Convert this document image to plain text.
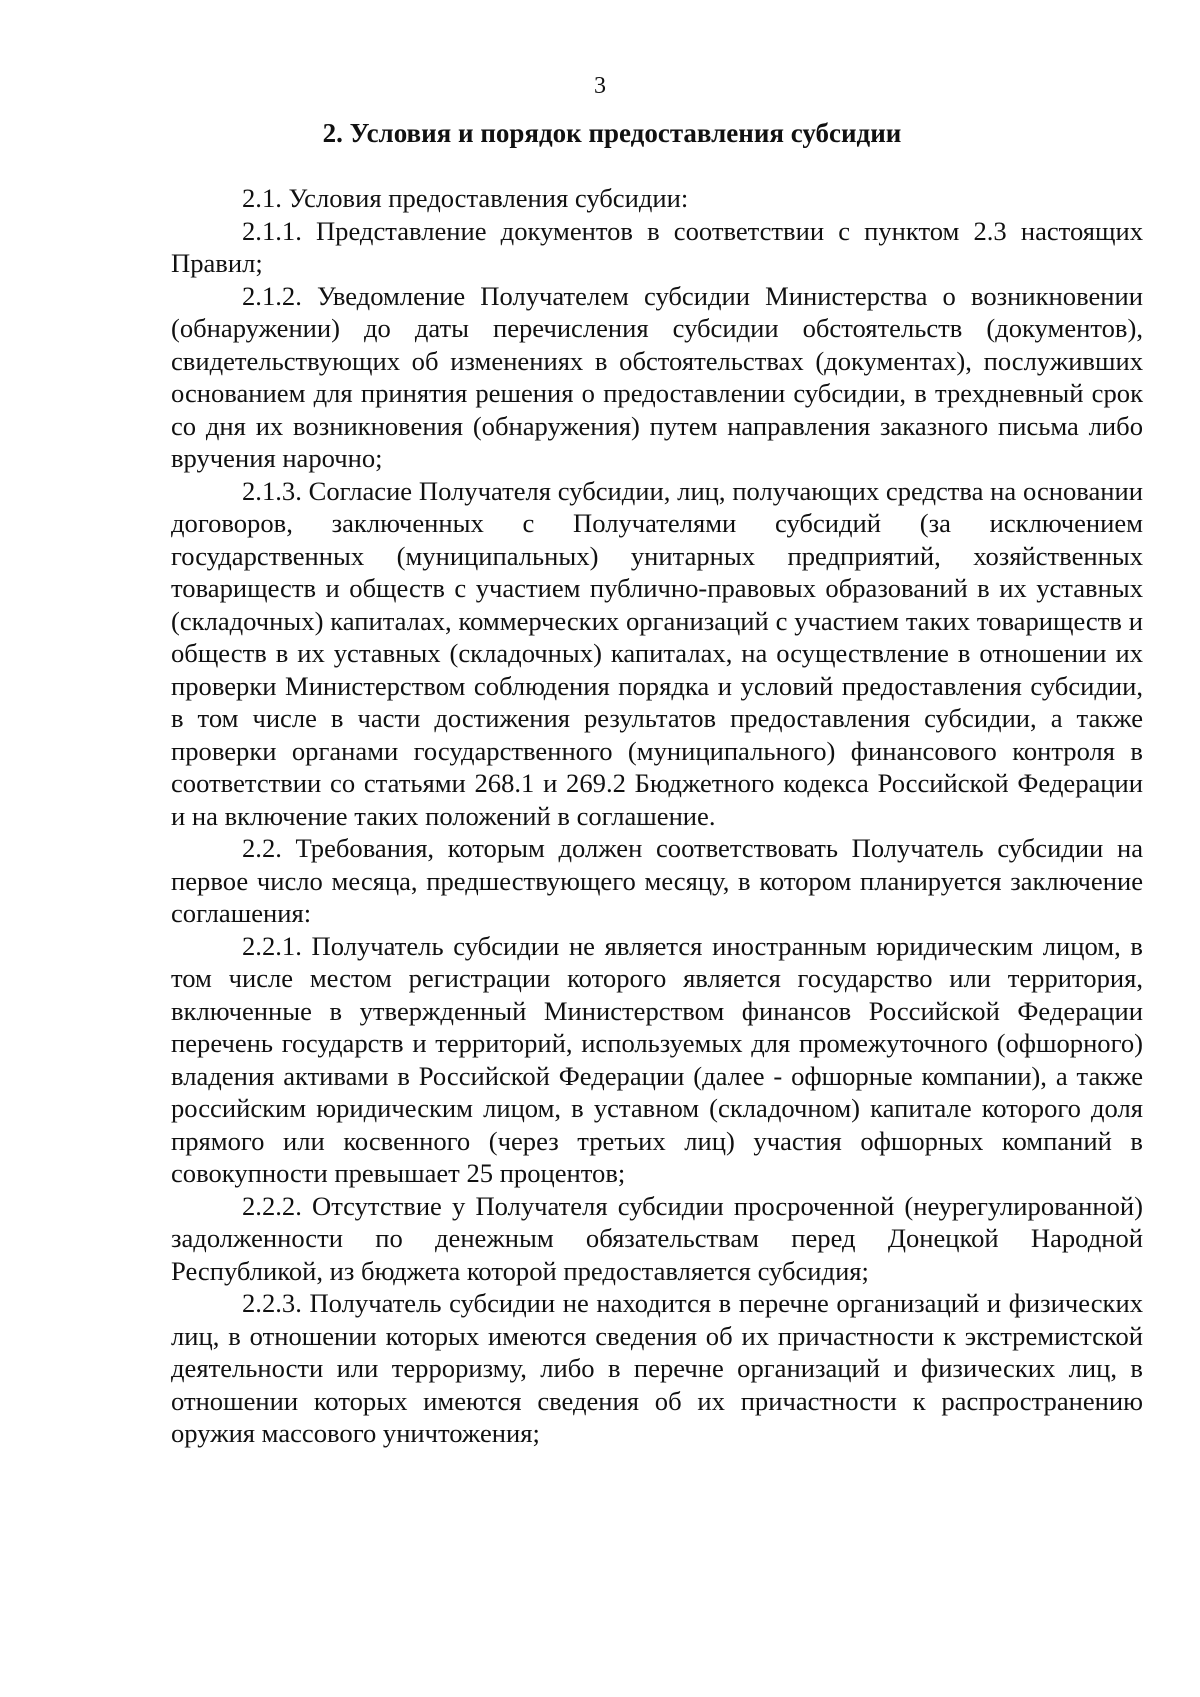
3
2. Условия и порядок предоставления субсидии

2.1. Условия предоставления субсидии:

2.1.1. Представление документов в соответствии с пунктом 2.3 настоящих Правил;

2.1.2. Уведомление Получателем субсидии Министерства о возникновении (обнаружении) до даты перечисления субсидии обстоятельств (документов), свидетельствующих об изменениях в обстоятельствах (документах), послуживших основанием для принятия решения о предоставлении субсидии, в трехдневный срок со дня их возникновения (обнаружения) путем направления заказного письма либо вручения нарочно;

2.1.3. Согласие Получателя субсидии, лиц, получающих средства на основании договоров, заключенных с Получателями субсидий (за исключением государственных (муниципальных) унитарных предприятий, хозяйственных товариществ и обществ с участием публично-правовых образований в их уставных (складочных) капиталах, коммерческих организаций с участием таких товариществ и обществ в их уставных (складочных) капиталах, на осуществление в отношении их проверки Министерством соблюдения порядка и условий предоставления субсидии, в том числе в части достижения результатов предоставления субсидии, а также проверки органами государственного (муниципального) финансового контроля в соответствии со статьями 268.1 и 269.2 Бюджетного кодекса Российской Федерации и на включение таких положений в соглашение.

2.2. Требования, которым должен соответствовать Получатель субсидии на первое число месяца, предшествующего месяцу, в котором планируется заключение соглашения:

2.2.1. Получатель субсидии не является иностранным юридическим лицом, в том числе местом регистрации которого является государство или территория, включенные в утвержденный Министерством финансов Российской Федерации перечень государств и территорий, используемых для промежуточного (офшорного) владения активами в Российской Федерации (далее - офшорные компании), а также российским юридическим лицом, в уставном (складочном) капитале которого доля прямого или косвенного (через третьих лиц) участия офшорных компаний в совокупности превышает 25 процентов;

2.2.2. Отсутствие у Получателя субсидии просроченной (неурегулированной) задолженности по денежным обязательствам перед Донецкой Народной Республикой, из бюджета которой предоставляется субсидия;

2.2.3. Получатель субсидии не находится в перечне организаций и физических лиц, в отношении которых имеются сведения об их причастности к экстремистской деятельности или терроризму, либо в перечне организаций и физических лиц, в отношении которых имеются сведения об их причастности к распространению оружия массового уничтожения;
